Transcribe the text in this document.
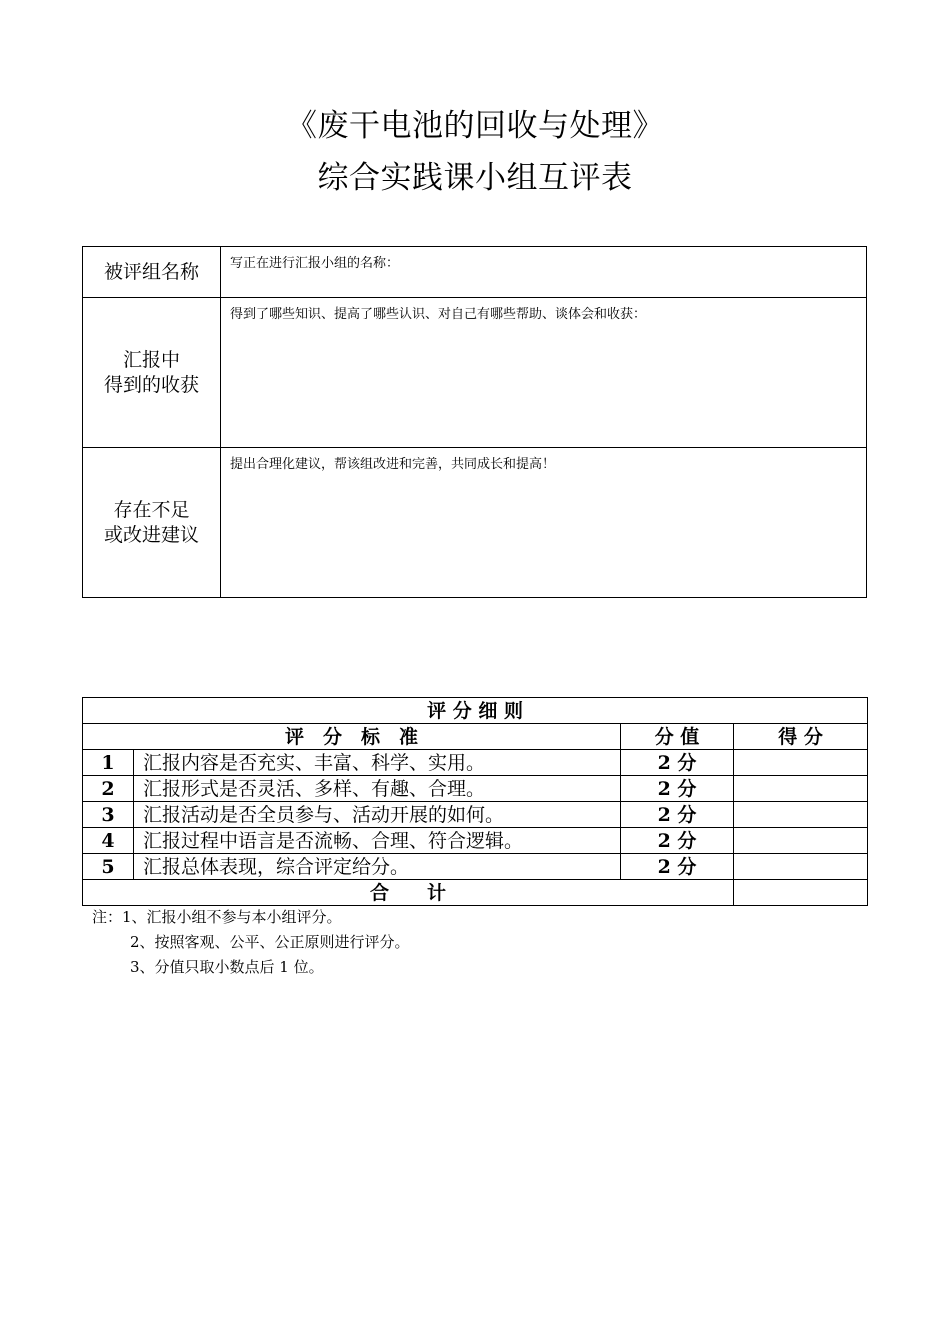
《废干电池的回收与处理》
综合实践课小组互评表
被评组名称	写正在进行汇报小组的名称：

汇报中
得到的收获	得到了哪些知识、提高了哪些认识、对自己有哪些帮助、谈体会和收获：

存在不足
或改进建议	提出合理化建议，帮该组改进和完善，共同成长和提高！
评 分 细 则			
评　分　标　准		分 值	得 分
1	汇报内容是否充实、丰富、科学、实用。	2 分	
2	汇报形式是否灵活、多样、有趣、合理。	2 分	
3	汇报活动是否全员参与、活动开展的如何。	2 分	
4	汇报过程中语言是否流畅、合理、符合逻辑。	2 分	
5	汇报总体表现，综合评定给分。	2 分	
合　　计			
注：1、汇报小组不参与本小组评分。
2、按照客观、公平、公正原则进行评分。
3、分值只取小数点后 1 位。
